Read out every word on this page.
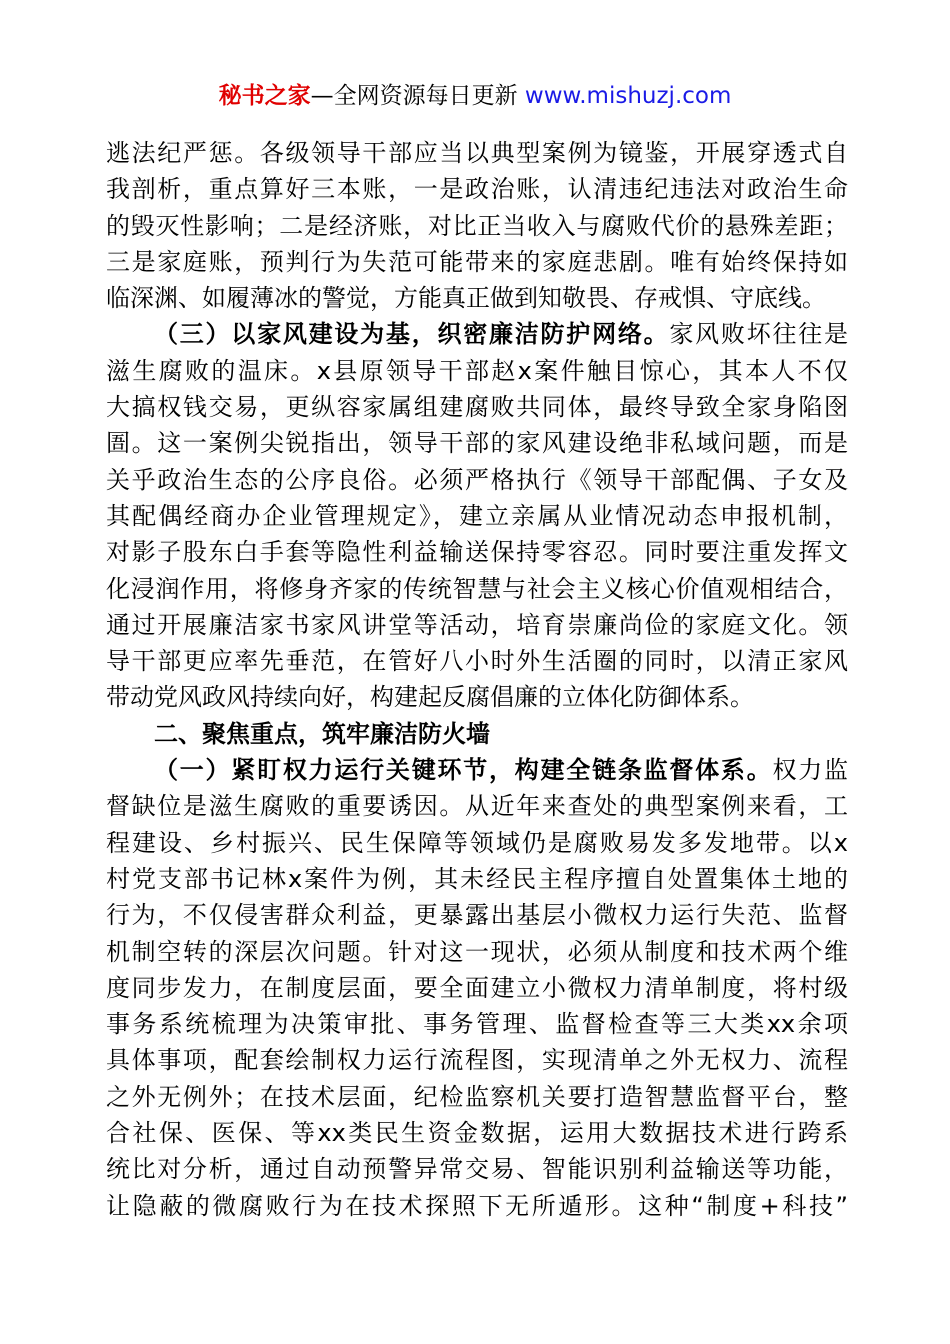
秘书之家—全网资源每日更新 www.mishuzj.com
逃法纪严惩。各级领导干部应当以典型案例为镜鉴，开展穿透式自
我剖析，重点算好三本账，一是政治账，认清违纪违法对政治生命
的毁灭性影响；二是经济账，对比正当收入与腐败代价的悬殊差距；
三是家庭账，预判行为失范可能带来的家庭悲剧。唯有始终保持如
临深渊、如履薄冰的警觉，方能真正做到知敬畏、存戒惧、守底线。
（三）以家风建设为基，织密廉洁防护网络。家风败坏往往是
滋生腐败的温床。x县原领导干部赵x案件触目惊心，其本人不仅
大搞权钱交易，更纵容家属组建腐败共同体，最终导致全家身陷囹
圄。这一案例尖锐指出，领导干部的家风建设绝非私域问题，而是
关乎政治生态的公序良俗。必须严格执行《领导干部配偶、子女及
其配偶经商办企业管理规定》，建立亲属从业情况动态申报机制，
对影子股东白手套等隐性利益输送保持零容忍。同时要注重发挥文
化浸润作用，将修身齐家的传统智慧与社会主义核心价值观相结合，
通过开展廉洁家书家风讲堂等活动，培育崇廉尚俭的家庭文化。领
导干部更应率先垂范，在管好八小时外生活圈的同时，以清正家风
带动党风政风持续向好，构建起反腐倡廉的立体化防御体系。
二、聚焦重点，筑牢廉洁防火墙
（一）紧盯权力运行关键环节，构建全链条监督体系。权力监
督缺位是滋生腐败的重要诱因。从近年来查处的典型案例来看，工
程建设、乡村振兴、民生保障等领域仍是腐败易发多发地带。以x
村党支部书记林x案件为例，其未经民主程序擅自处置集体土地的
行为，不仅侵害群众利益，更暴露出基层小微权力运行失范、监督
机制空转的深层次问题。针对这一现状，必须从制度和技术两个维
度同步发力，在制度层面，要全面建立小微权力清单制度，将村级
事务系统梳理为决策审批、事务管理、监督检查等三大类xx余项
具体事项，配套绘制权力运行流程图，实现清单之外无权力、流程
之外无例外；在技术层面，纪检监察机关要打造智慧监督平台，整
合社保、医保、等xx类民生资金数据，运用大数据技术进行跨系
统比对分析，通过自动预警异常交易、智能识别利益输送等功能，
让隐蔽的微腐败行为在技术探照下无所遁形。这种“制度+科技”
